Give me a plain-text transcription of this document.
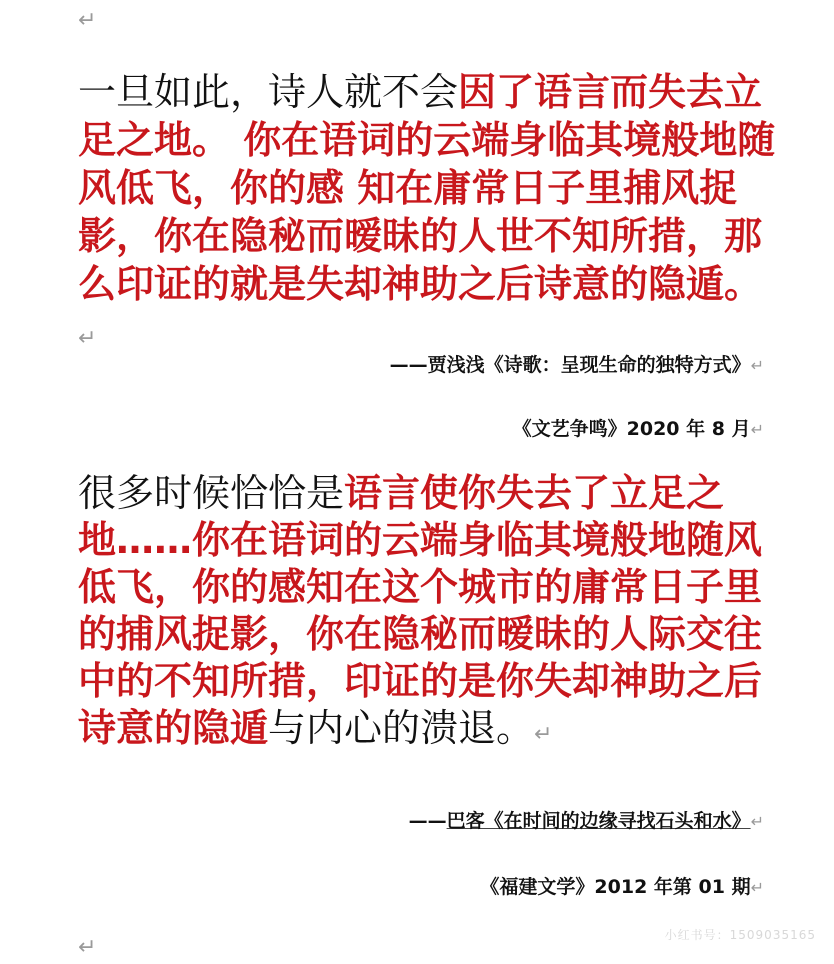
↵
一旦如此，诗人就不会因了语言而失去立足之地。 你在语词的云端身临其境般地随风低飞，你的感 知在庸常日子里捕风捉影，你在隐秘而暧昧的人世不知所措，那么印证的就是失却神助之后诗意的隐遁。↵
——贾浅浅《诗歌：呈现生命的独特方式》↵
《文艺争鸣》2020 年 8 月↵
很多时候恰恰是语言使你失去了立足之地……你在语词的云端身临其境般地随风低飞，你的感知在这个城市的庸常日子里的捕风捉影，你在隐秘而暧昧的人际交往中的不知所措，印证的是你失却神助之后诗意的隐遁与内心的溃退。↵
——巴客《在时间的边缘寻找石头和水》↵
《福建文学》2012 年第 01 期↵
↵	小红书号：1509035165
